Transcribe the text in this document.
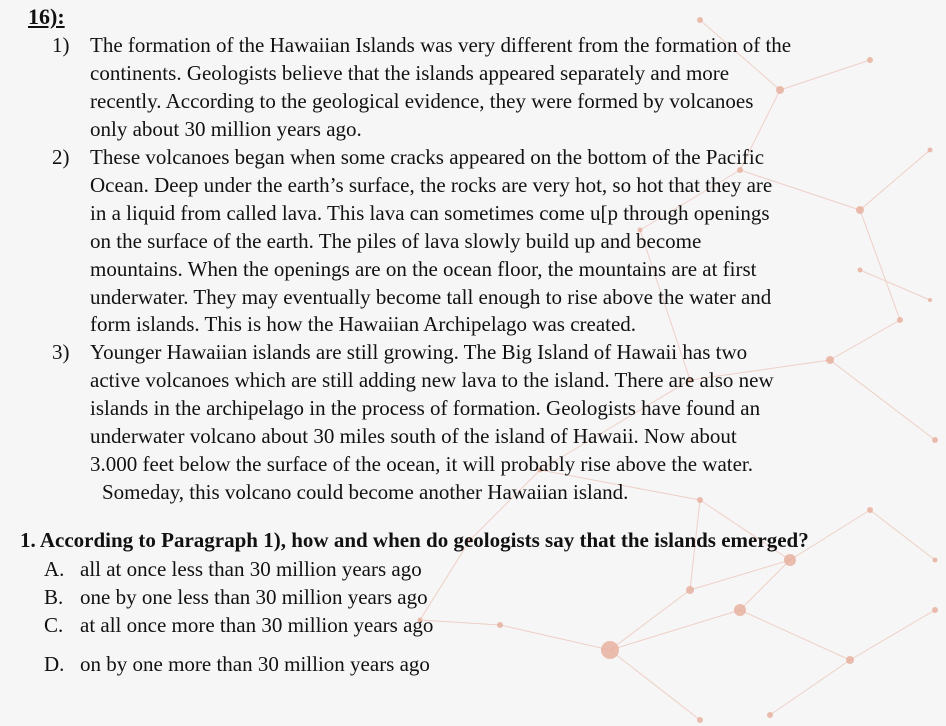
16):
1) The formation of the Hawaiian Islands was very different from the formation of the
continents. Geologists believe that the islands appeared separately and more
recently. According to the geological evidence, they were formed by volcanoes
only about 30 million years ago.
2) These volcanoes began when some cracks appeared on the bottom of the Pacific
Ocean. Deep under the earth’s surface, the rocks are very hot, so hot that they are
in a liquid from called lava. This lava can sometimes come u[p through openings
on the surface of the earth. The piles of lava slowly build up and become
mountains. When the openings are on the ocean floor, the mountains are at first
underwater. They may eventually become tall enough to rise above the water and
form islands. This is how the Hawaiian Archipelago was created.
3) Younger Hawaiian islands are still growing. The Big Island of Hawaii has two
active volcanoes which are still adding new lava to the island. There are also new
islands in the archipelago in the process of formation. Geologists have found an
underwater volcano about 30 miles south of the island of Hawaii. Now about
3.000 feet below the surface of the ocean, it will probably rise above the water.
Someday, this volcano could become another Hawaiian island.
1. According to Paragraph 1), how and when do geologists say that the islands emerged?
A. all at once less than 30 million years ago
B. one by one less than 30 million years ago
C. at all once more than 30 million years ago
D. on by one more than 30 million years ago
